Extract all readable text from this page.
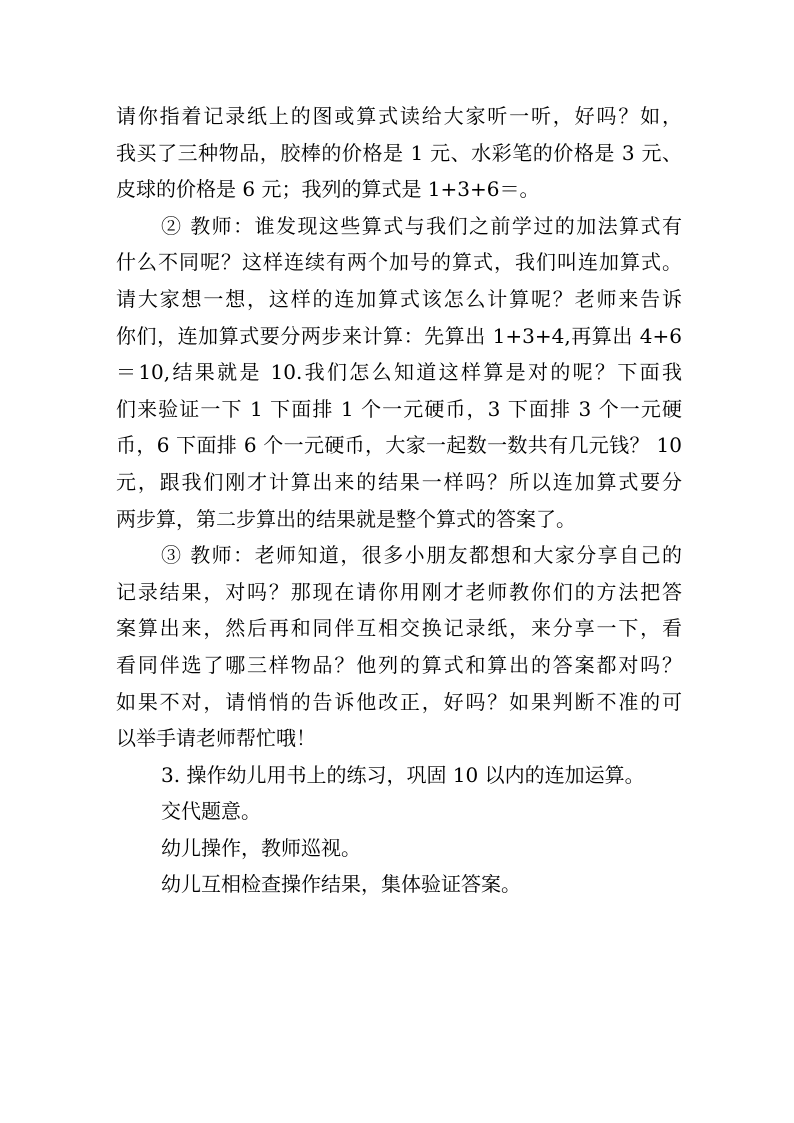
请你指着记录纸上的图或算式读给大家听一听，好吗？如，
我买了三种物品，胶棒的价格是 1 元、水彩笔的价格是 3 元、
皮球的价格是 6 元；我列的算式是 1+3+6＝。
② 教师：谁发现这些算式与我们之前学过的加法算式有
什么不同呢？这样连续有两个加号的算式，我们叫连加算式。
请大家想一想，这样的连加算式该怎么计算呢？老师来告诉
你们，连加算式要分两步来计算：先算出 1+3+4,再算出 4+6
＝10,结果就是 10.我们怎么知道这样算是对的呢？下面我
们来验证一下 1 下面排 1 个一元硬币，3 下面排 3 个一元硬
币，6 下面排 6 个一元硬币，大家一起数一数共有几元钱？ 10
元，跟我们刚才计算出来的结果一样吗？所以连加算式要分
两步算，第二步算出的结果就是整个算式的答案了。
③ 教师：老师知道，很多小朋友都想和大家分享自己的
记录结果，对吗？那现在请你用刚才老师教你们的方法把答
案算出来，然后再和同伴互相交换记录纸，来分享一下，看
看同伴选了哪三样物品？他列的算式和算出的答案都对吗？
如果不对，请悄悄的告诉他改正，好吗？如果判断不准的可
以举手请老师帮忙哦！
3. 操作幼儿用书上的练习，巩固 10 以内的连加运算。
交代题意。
幼儿操作，教师巡视。
幼儿互相检查操作结果，集体验证答案。
